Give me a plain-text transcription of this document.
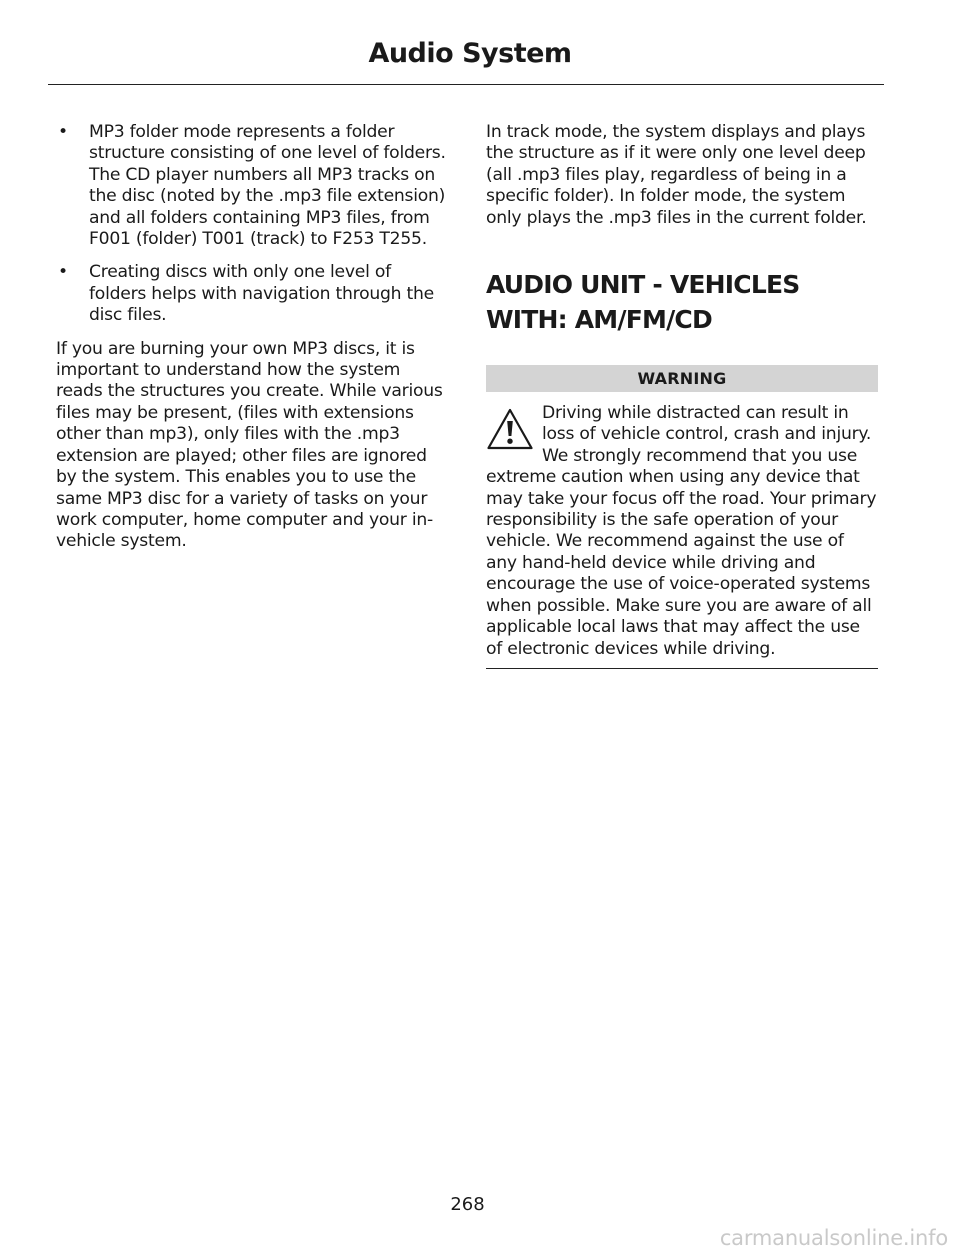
Audio System
• MP3 folder mode represents a folder structure consisting of one level of folders. The CD player numbers all MP3 tracks on the disc (noted by the .mp3 file extension) and all folders containing MP3 files, from F001 (folder) T001 (track) to F253 T255.
• Creating discs with only one level of folders helps with navigation through the disc files.

If you are burning your own MP3 discs, it is important to understand how the system reads the structures you create. While various files may be present, (files with extensions other than mp3), only files with the .mp3 extension are played; other files are ignored by the system. This enables you to use the same MP3 disc for a variety of tasks on your work computer, home computer and your in-vehicle system.

In track mode, the system displays and plays the structure as if it were only one level deep (all .mp3 files play, regardless of being in a specific folder). In folder mode, the system only plays the .mp3 files in the current folder.

AUDIO UNIT - VEHICLES WITH: AM/FM/CD
WARNING

Driving while distracted can result in loss of vehicle control, crash and injury. We strongly recommend that you use extreme caution when using any device that may take your focus off the road. Your primary responsibility is the safe operation of your vehicle. We recommend against the use of any hand-held device while driving and encourage the use of voice-operated systems when possible. Make sure you are aware of all applicable local laws that may affect the use of electronic devices while driving.

268
carmanualsonline.info
